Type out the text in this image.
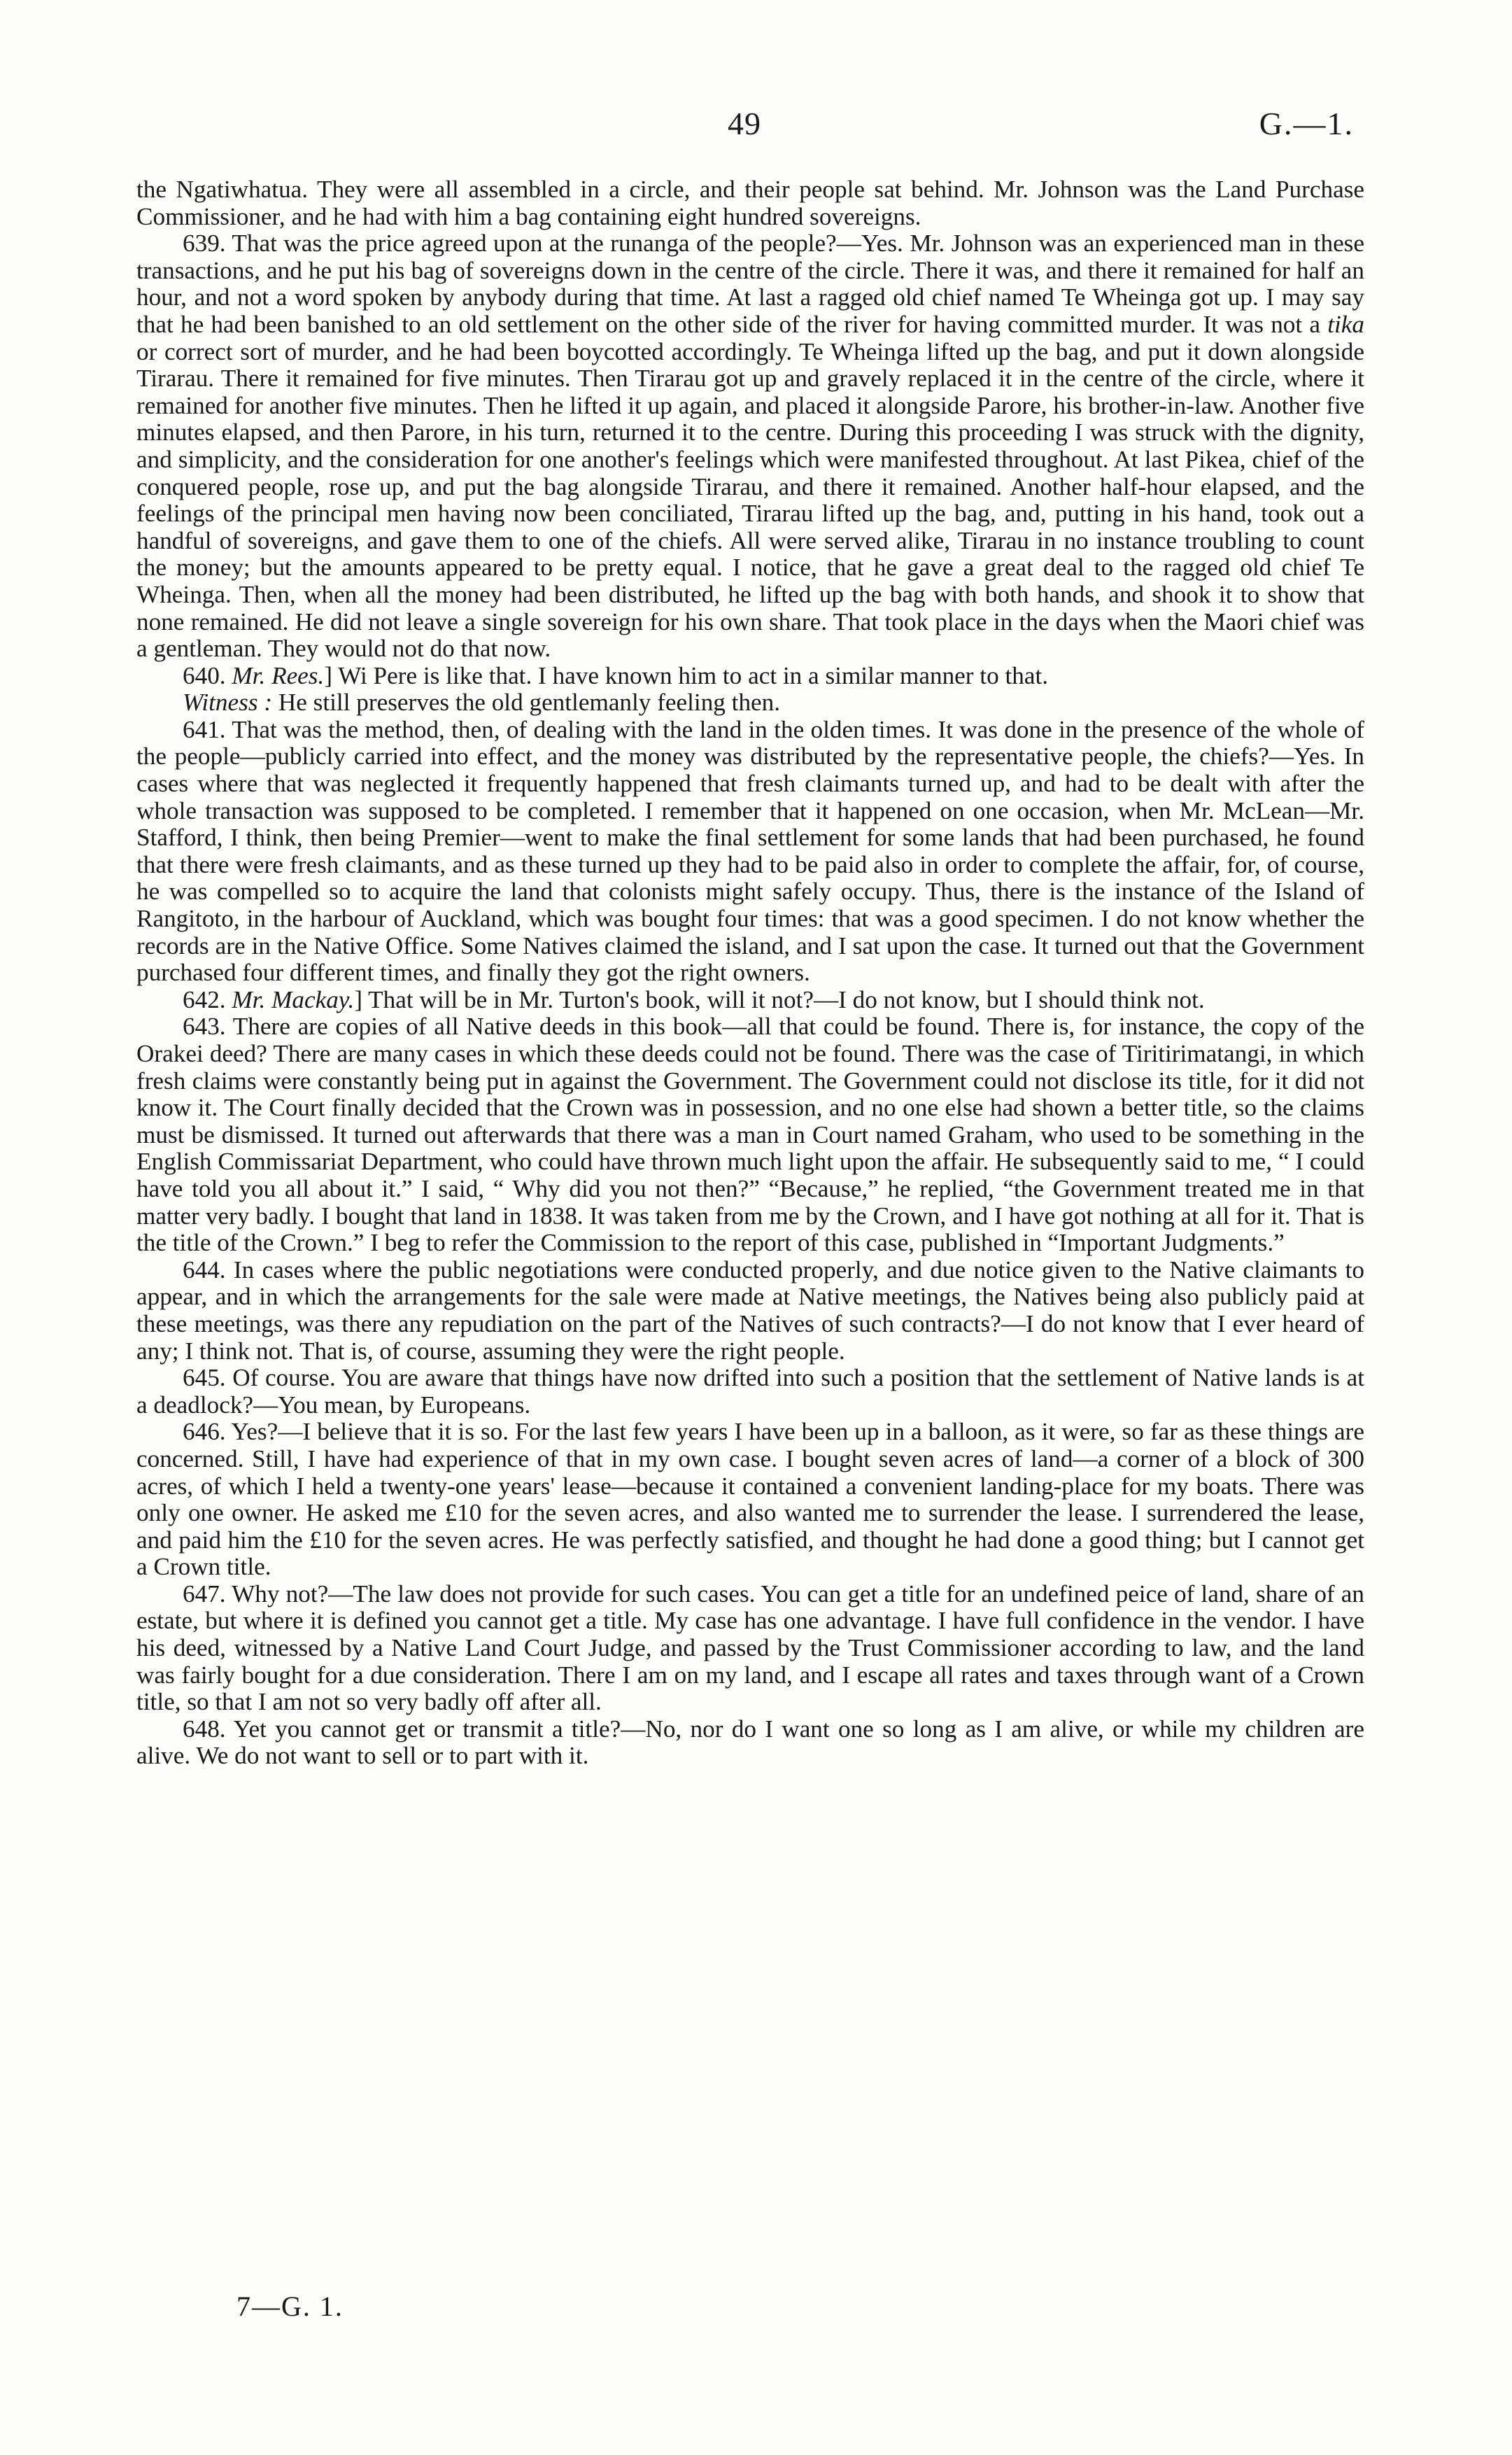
49	G.—1.

the Ngatiwhatua. They were all assembled in a circle, and their people sat behind. Mr. Johnson was the Land Purchase Commissioner, and he had with him a bag containing eight hundred sovereigns.

639. That was the price agreed upon at the runanga of the people?—Yes. Mr. Johnson was an experienced man in these transactions, and he put his bag of sovereigns down in the centre of the circle. There it was, and there it remained for half an hour, and not a word spoken by anybody during that time. At last a ragged old chief named Te Wheinga got up. I may say that he had been banished to an old settlement on the other side of the river for having committed murder. It was not a tika or correct sort of murder, and he had been boycotted accordingly. Te Wheinga lifted up the bag, and put it down alongside Tirarau. There it remained for five minutes. Then Tirarau got up and gravely replaced it in the centre of the circle, where it remained for another five minutes. Then he lifted it up again, and placed it alongside Parore, his brother-in-law. Another five minutes elapsed, and then Parore, in his turn, returned it to the centre. During this proceeding I was struck with the dignity, and simplicity, and the consideration for one another's feelings which were manifested throughout. At last Pikea, chief of the conquered people, rose up, and put the bag alongside Tirarau, and there it remained. Another half-hour elapsed, and the feelings of the principal men having now been conciliated, Tirarau lifted up the bag, and, putting in his hand, took out a handful of sovereigns, and gave them to one of the chiefs. All were served alike, Tirarau in no instance troubling to count the money; but the amounts appeared to be pretty equal. I notice, that he gave a great deal to the ragged old chief Te Wheinga. Then, when all the money had been distributed, he lifted up the bag with both hands, and shook it to show that none remained. He did not leave a single sovereign for his own share. That took place in the days when the Maori chief was a gentleman. They would not do that now.

640. Mr. Rees.] Wi Pere is like that. I have known him to act in a similar manner to that.

Witness : He still preserves the old gentlemanly feeling then.

641. That was the method, then, of dealing with the land in the olden times. It was done in the presence of the whole of the people—publicly carried into effect, and the money was distributed by the representative people, the chiefs?—Yes. In cases where that was neglected it frequently happened that fresh claimants turned up, and had to be dealt with after the whole transaction was supposed to be completed. I remember that it happened on one occasion, when Mr. McLean—Mr. Stafford, I think, then being Premier—went to make the final settlement for some lands that had been purchased, he found that there were fresh claimants, and as these turned up they had to be paid also in order to complete the affair, for, of course, he was compelled so to acquire the land that colonists might safely occupy. Thus, there is the instance of the Island of Rangitoto, in the harbour of Auckland, which was bought four times: that was a good specimen. I do not know whether the records are in the Native Office. Some Natives claimed the island, and I sat upon the case. It turned out that the Government purchased four different times, and finally they got the right owners.

642. Mr. Mackay.] That will be in Mr. Turton's book, will it not?—I do not know, but I should think not.

643. There are copies of all Native deeds in this book—all that could be found. There is, for instance, the copy of the Orakei deed? There are many cases in which these deeds could not be found. There was the case of Tiritirimatangi, in which fresh claims were constantly being put in against the Government. The Government could not disclose its title, for it did not know it. The Court finally decided that the Crown was in possession, and no one else had shown a better title, so the claims must be dismissed. It turned out afterwards that there was a man in Court named Graham, who used to be something in the English Commissariat Department, who could have thrown much light upon the affair. He subsequently said to me, “ I could have told you all about it.” I said, “ Why did you not then?” “Because,” he replied, “the Government treated me in that matter very badly. I bought that land in 1838. It was taken from me by the Crown, and I have got nothing at all for it. That is the title of the Crown.” I beg to refer the Commission to the report of this case, published in “Important Judgments.”

644. In cases where the public negotiations were conducted properly, and due notice given to the Native claimants to appear, and in which the arrangements for the sale were made at Native meetings, the Natives being also publicly paid at these meetings, was there any repudiation on the part of the Natives of such contracts?—I do not know that I ever heard of any; I think not. That is, of course, assuming they were the right people.

645. Of course. You are aware that things have now drifted into such a position that the settlement of Native lands is at a deadlock?—You mean, by Europeans.

646. Yes?—I believe that it is so. For the last few years I have been up in a balloon, as it were, so far as these things are concerned. Still, I have had experience of that in my own case. I bought seven acres of land—a corner of a block of 300 acres, of which I held a twenty-one years' lease—because it contained a convenient landing-place for my boats. There was only one owner. He asked me £10 for the seven acres, and also wanted me to surrender the lease. I surrendered the lease, and paid him the £10 for the seven acres. He was perfectly satisfied, and thought he had done a good thing; but I cannot get a Crown title.

647. Why not?—The law does not provide for such cases. You can get a title for an undefined peice of land, share of an estate, but where it is defined you cannot get a title. My case has one advantage. I have full confidence in the vendor. I have his deed, witnessed by a Native Land Court Judge, and passed by the Trust Commissioner according to law, and the land was fairly bought for a due consideration. There I am on my land, and I escape all rates and taxes through want of a Crown title, so that I am not so very badly off after all.

648. Yet you cannot get or transmit a title?—No, nor do I want one so long as I am alive, or while my children are alive. We do not want to sell or to part with it.

7—G. 1.
